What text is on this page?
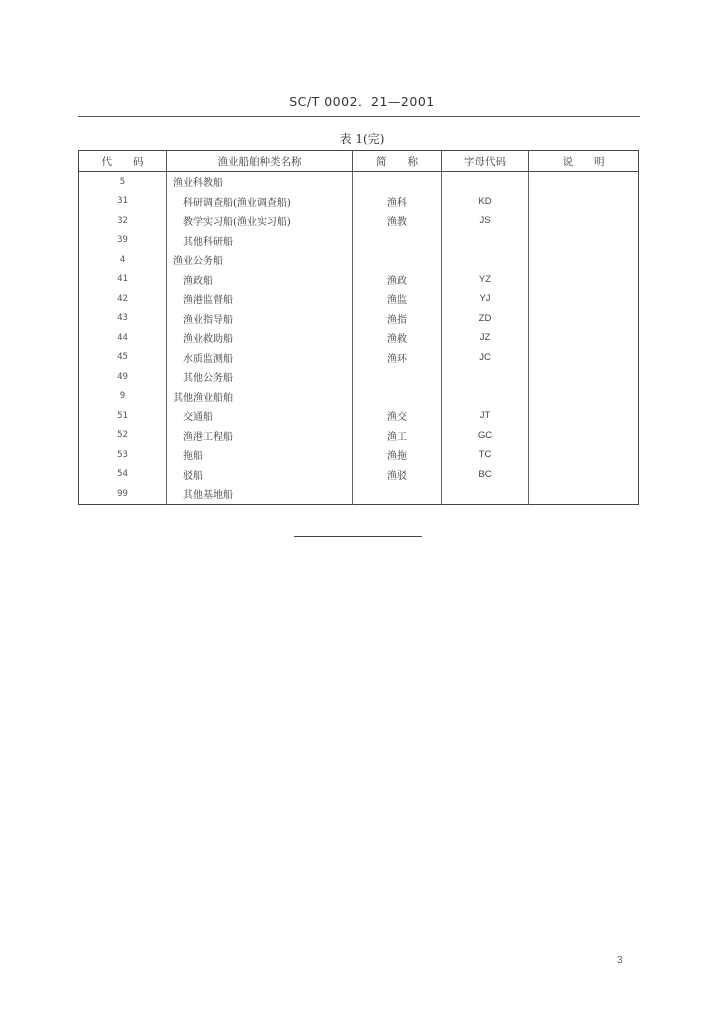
SC/T 0002．21—2001
表 1(完)
代　　码	渔业船舶种类名称	简　　称	字母代码	说　　明
5	渔业科教船			
31	科研调查船(渔业调查船)	渔科	KD	
32	教学实习船(渔业实习船)	渔教	JS	
39	其他科研船			
4	渔业公务船			
41	渔政船	渔政	YZ	
42	渔港监督船	渔监	YJ	
43	渔业指导船	渔指	ZD	
44	渔业救助船	渔救	JZ	
45	水质监测船	渔环	JC	
49	其他公务船			
9	其他渔业船舶			
51	交通船	渔交	JT	
52	渔港工程船	渔工	GC	
53	拖船	渔拖	TC	
54	驳船	渔驳	BC	
99	其他基地船			
3
